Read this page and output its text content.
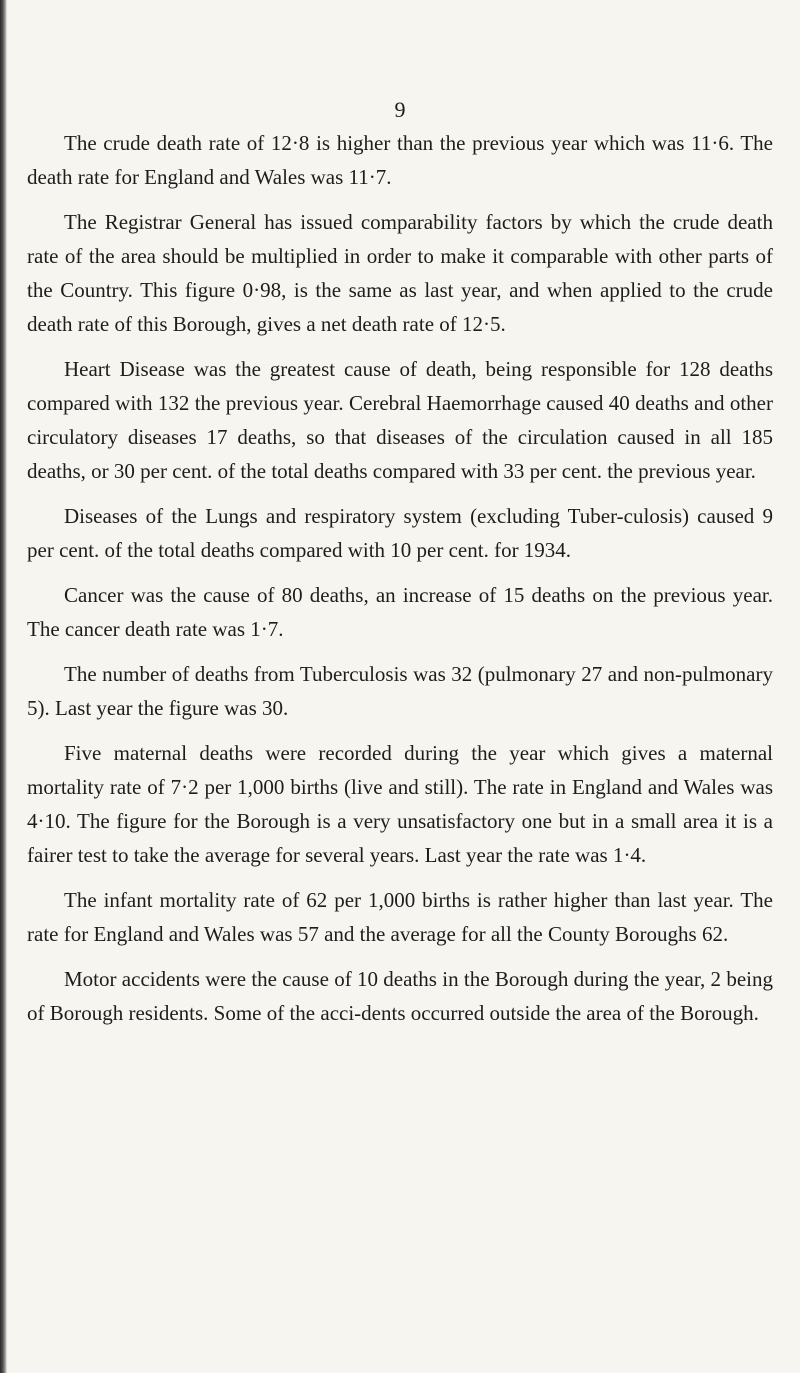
9

The crude death rate of 12·8 is higher than the previous year which was 11·6. The death rate for England and Wales was 11·7.

The Registrar General has issued comparability factors by which the crude death rate of the area should be multiplied in order to make it comparable with other parts of the Country. This figure 0·98, is the same as last year, and when applied to the crude death rate of this Borough, gives a net death rate of 12·5.

Heart Disease was the greatest cause of death, being responsible for 128 deaths compared with 132 the previous year. Cerebral Haemorrhage caused 40 deaths and other circulatory diseases 17 deaths, so that diseases of the circulation caused in all 185 deaths, or 30 per cent. of the total deaths compared with 33 per cent. the previous year.

Diseases of the Lungs and respiratory system (excluding Tuber-culosis) caused 9 per cent. of the total deaths compared with 10 per cent. for 1934.

Cancer was the cause of 80 deaths, an increase of 15 deaths on the previous year. The cancer death rate was 1·7.

The number of deaths from Tuberculosis was 32 (pulmonary 27 and non-pulmonary 5). Last year the figure was 30.

Five maternal deaths were recorded during the year which gives a maternal mortality rate of 7·2 per 1,000 births (live and still). The rate in England and Wales was 4·10. The figure for the Borough is a very unsatisfactory one but in a small area it is a fairer test to take the average for several years. Last year the rate was 1·4.

The infant mortality rate of 62 per 1,000 births is rather higher than last year. The rate for England and Wales was 57 and the average for all the County Boroughs 62.

Motor accidents were the cause of 10 deaths in the Borough during the year, 2 being of Borough residents. Some of the acci-dents occurred outside the area of the Borough.
